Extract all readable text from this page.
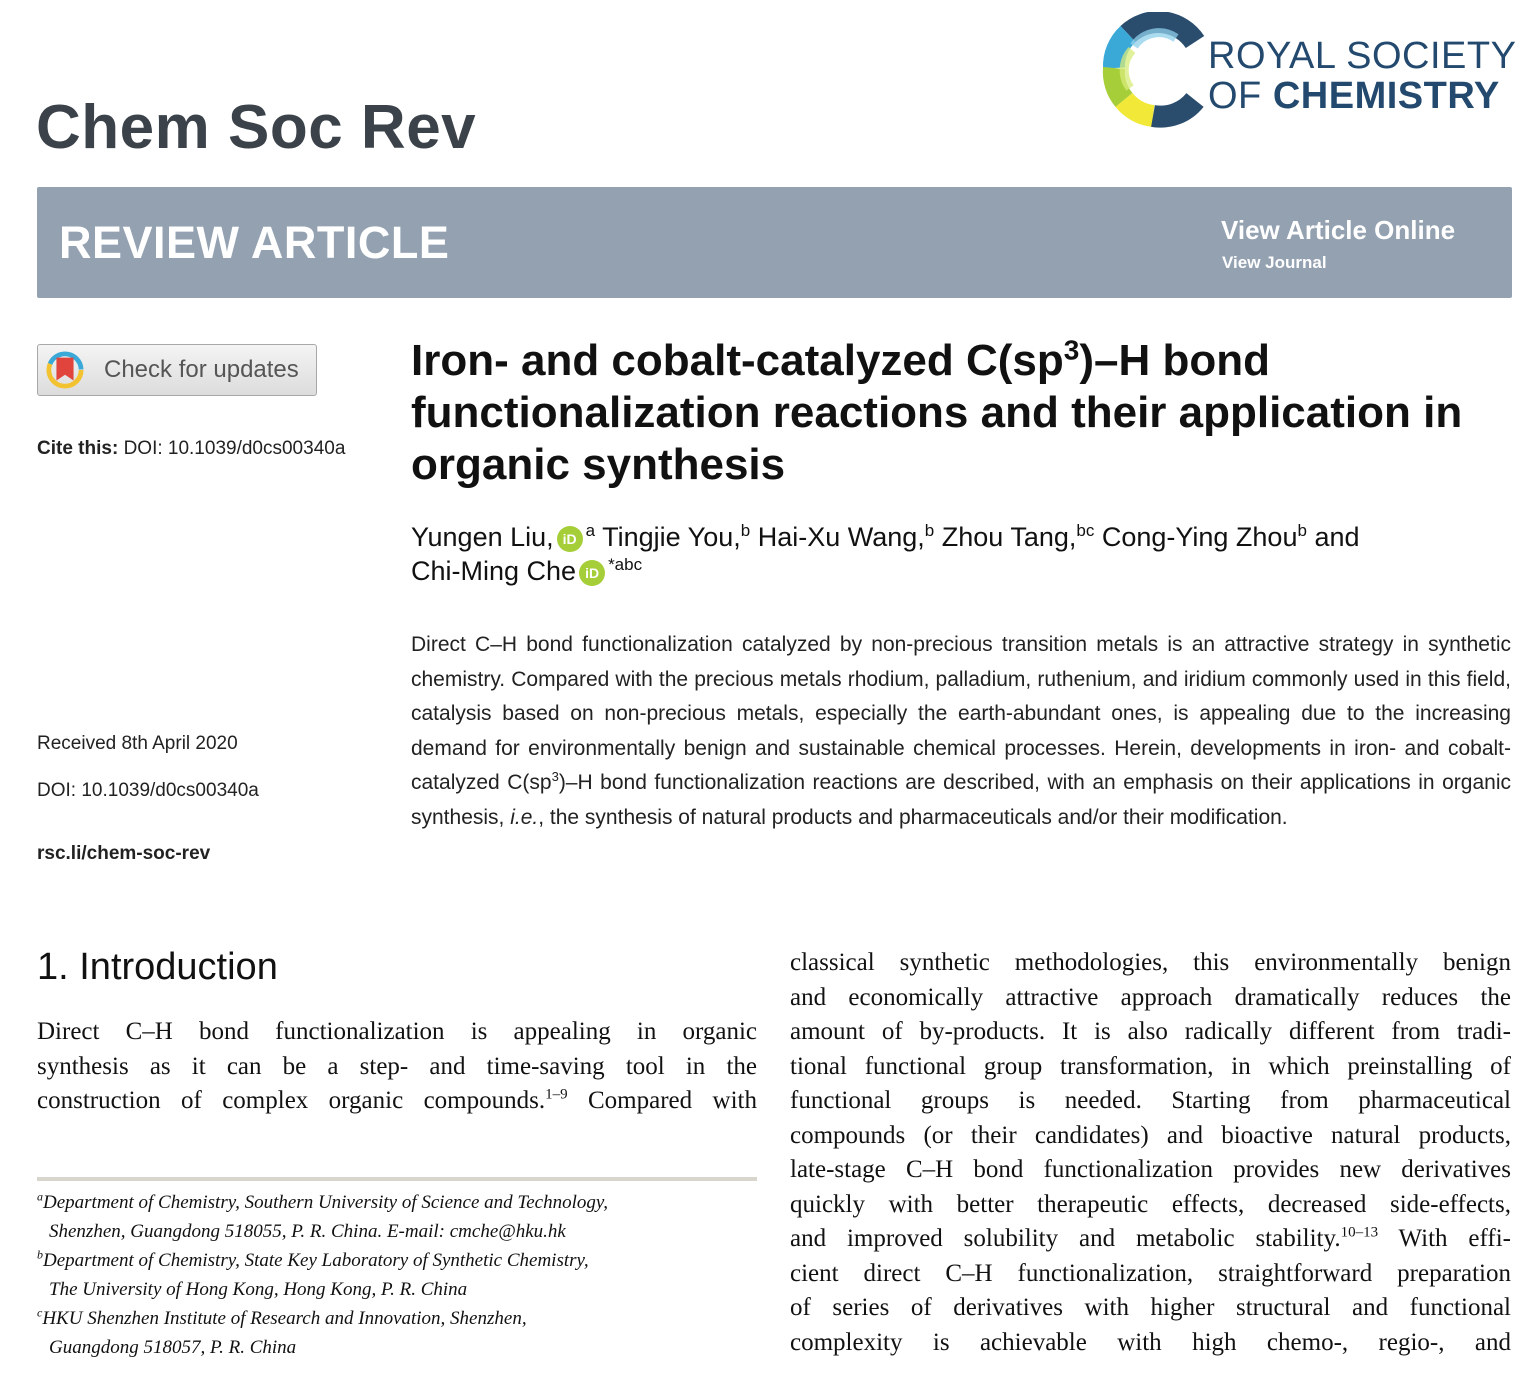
Chem Soc Rev
ROYAL SOCIETY
OF CHEMISTRY
REVIEW ARTICLE	View Article Online
View Journal
Check for updates
Cite this: DOI: 10.1039/d0cs00340a
Received 8th April 2020
DOI: 10.1039/d0cs00340a
rsc.li/chem-soc-rev
Iron- and cobalt-catalyzed $C(sp^3)-H$ bond functionalization reactions and their application in organic synthesis
Yungen Liu, iD $^a$ Tingjie You,$^b$ Hai-Xu Wang,$^b$ Zhou Tang,$^{bc}$ Cong-Ying Zhou$^b$ and
Chi-Ming Che iD $^{*abc}$
Direct C–H bond functionalization catalyzed by non-precious transition metals is an attractive strategy in synthetic chemistry. Compared with the precious metals rhodium, palladium, ruthenium, and iridium commonly used in this field, catalysis based on non-precious metals, especially the earth-abundant ones, is appealing due to the increasing demand for environmentally benign and sustainable chemical processes. Herein, developments in iron- and cobalt-catalyzed $C(sp^3)-H$ bond functionalization reactions are described, with an emphasis on their applications in organic synthesis, i.e., the synthesis of natural products and pharmaceuticals and/or their modification.
1. Introduction
Direct C–H bond functionalization is appealing in organic
synthesis as it can be a step- and time-saving tool in the
construction of complex organic compounds.$^{1-9}$ Compared with
classical synthetic methodologies, this environmentally benign
and economically attractive approach dramatically reduces the
amount of by-products. It is also radically different from tradi-
tional functional group transformation, in which preinstalling of
functional groups is needed. Starting from pharmaceutical
compounds (or their candidates) and bioactive natural products,
late-stage C–H bond functionalization provides new derivatives
quickly with better therapeutic effects, decreased side-effects,
and improved solubility and metabolic stability.$^{10-13}$ With effi-
cient direct C–H functionalization, straightforward preparation
of series of derivatives with higher structural and functional
complexity is achievable with high chemo-, regio-, and
$^a$Department of Chemistry, Southern University of Science and Technology,
Shenzhen, Guangdong 518055, P. R. China. E-mail: cmche@hku.hk
$^b$Department of Chemistry, State Key Laboratory of Synthetic Chemistry,
The University of Hong Kong, Hong Kong, P. R. China
$^c$HKU Shenzhen Institute of Research and Innovation, Shenzhen,
Guangdong 518057, P. R. China
